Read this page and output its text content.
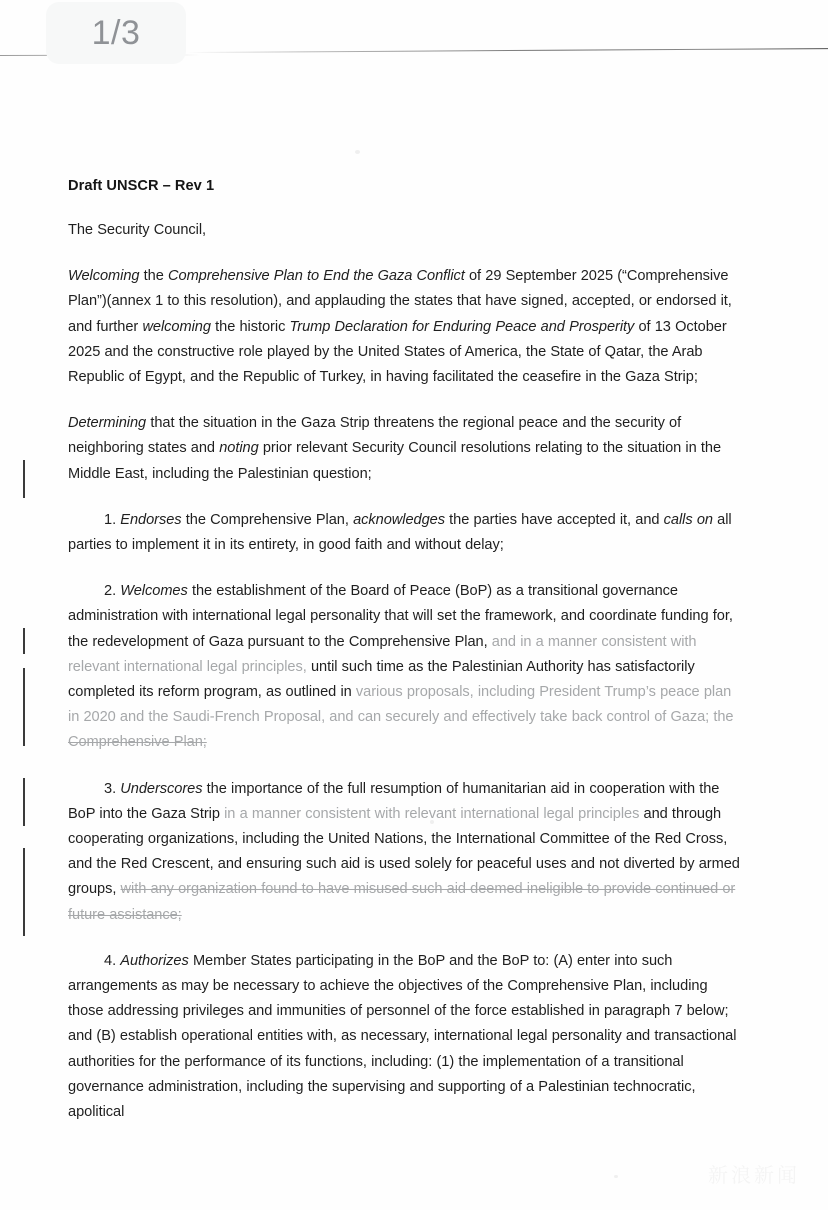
Draft UNSCR – Rev 1

The Security Council,

Welcoming the Comprehensive Plan to End the Gaza Conflict of 29 September 2025 (“Comprehensive Plan”)(annex 1 to this resolution), and applauding the states that have signed, accepted, or endorsed it, and further welcoming the historic Trump Declaration for Enduring Peace and Prosperity of 13 October 2025 and the constructive role played by the United States of America, the State of Qatar, the Arab Republic of Egypt, and the Republic of Turkey, in having facilitated the ceasefire in the Gaza Strip;

Determining that the situation in the Gaza Strip threatens the regional peace and the security of neighboring states and noting prior relevant Security Council resolutions relating to the situation in the Middle East, including the Palestinian question;

1. Endorses the Comprehensive Plan, acknowledges the parties have accepted it, and calls on all parties to implement it in its entirety, in good faith and without delay;

2. Welcomes the establishment of the Board of Peace (BoP) as a transitional governance administration with international legal personality that will set the framework, and coordinate funding for, the redevelopment of Gaza pursuant to the Comprehensive Plan, and in a manner consistent with relevant international legal principles, until such time as the Palestinian Authority has satisfactorily completed its reform program, as outlined in various proposals, including President Trump’s peace plan in 2020 and the Saudi-French Proposal, and can securely and effectively take back control of Gaza; the Comprehensive Plan;

3. Underscores the importance of the full resumption of humanitarian aid in cooperation with the BoP into the Gaza Strip in a manner consistent with relevant international legal principles and through cooperating organizations, including the United Nations, the International Committee of the Red Cross, and the Red Crescent, and ensuring such aid is used solely for peaceful uses and not diverted by armed groups, with any organization found to have misused such aid deemed ineligible to provide continued or future assistance;

4. Authorizes Member States participating in the BoP and the BoP to: (A) enter into such arrangements as may be necessary to achieve the objectives of the Comprehensive Plan, including those addressing privileges and immunities of personnel of the force established in paragraph 7 below; and (B) establish operational entities with, as necessary, international legal personality and transactional authorities for the performance of its functions, including: (1) the implementation of a transitional governance administration, including the supervising and supporting of a Palestinian technocratic, apolitical

新浪新闻
1/3
